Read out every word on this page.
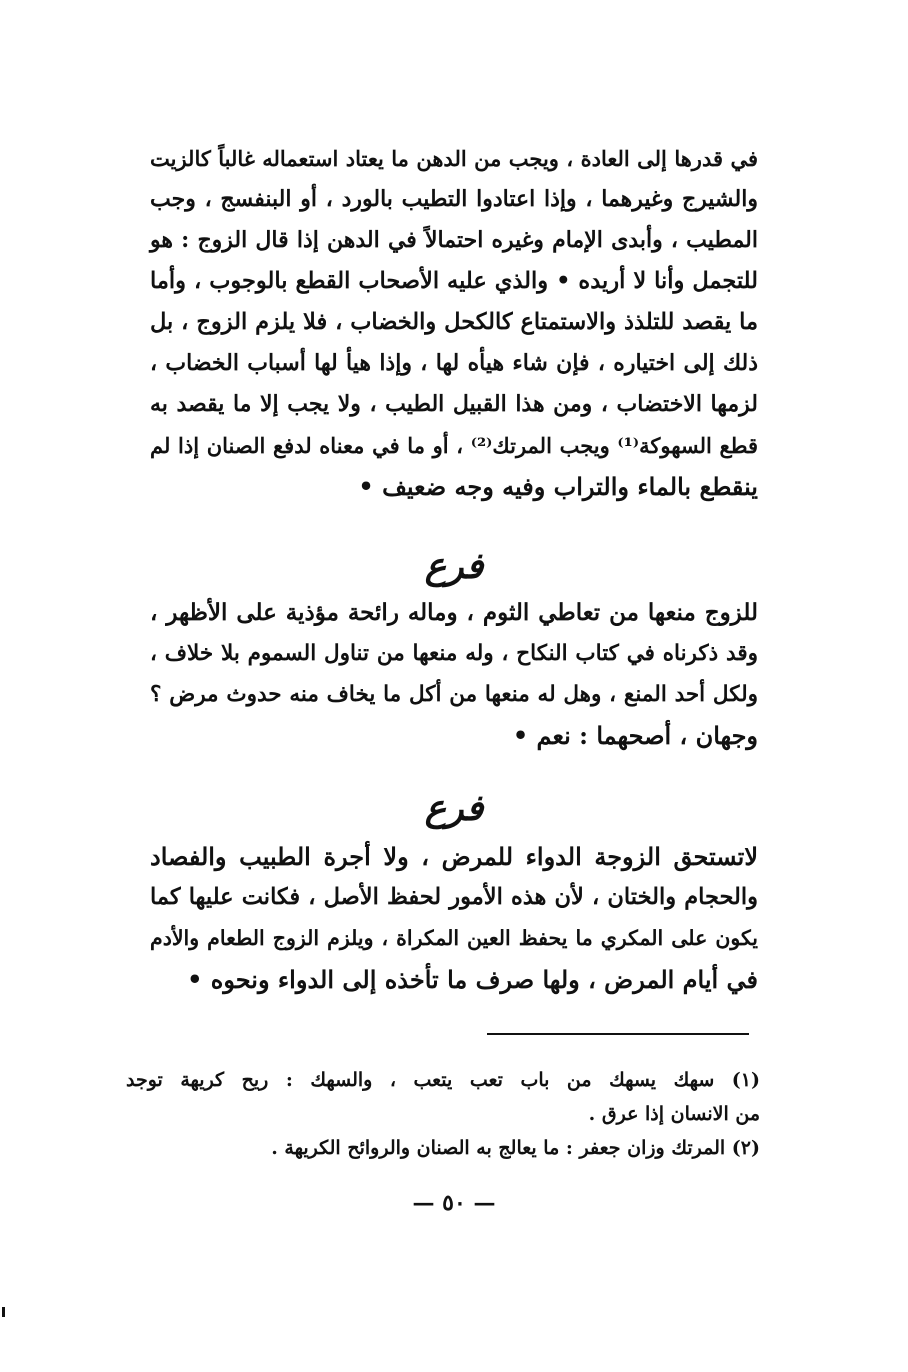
في قدرها إلى العادة ، ويجب من الدهن ما يعتاد استعماله غالباً كالزيت
والشيرج وغيرهما ، وإذا اعتادوا التطيب بالورد ، أو البنفسج ، وجب
المطيب ، وأبدى الإمام وغيره احتمالاً في الدهن إذا قال الزوج : هو
للتجمل وأنا لا أريده • والذي عليه الأصحاب القطع بالوجوب ، وأما
ما يقصد للتلذذ والاستمتاع كالكحل والخضاب ، فلا يلزم الزوج ، بل
ذلك إلى اختياره ، فإن شاء هيأه لها ، وإذا هيأ لها أسباب الخضاب ،
لزمها الاختضاب ، ومن هذا القبيل الطيب ، ولا يجب إلا ما يقصد به
قطع السهوكة⁽¹⁾ ويجب المرتك⁽²⁾ ، أو ما في معناه لدفع الصنان إذا لم
ينقطع بالماء والتراب وفيه وجه ضعيف •
فرع
للزوج منعها من تعاطي الثوم ، وماله رائحة مؤذية على الأظهر ،
وقد ذكرناه في كتاب النكاح ، وله منعها من تناول السموم بلا خلاف ،
ولكل أحد المنع ، وهل له منعها من أكل ما يخاف منه حدوث مرض ؟
وجهان ، أصحهما : نعم •
فرع
لاتستحق الزوجة الدواء للمرض ، ولا أجرة الطبيب والفصاد
والحجام والختان ، لأن هذه الأمور لحفظ الأصل ، فكانت عليها كما
يكون على المكري ما يحفظ العين المكراة ، ويلزم الزوج الطعام والأدم
في أيام المرض ، ولها صرف ما تأخذه إلى الدواء ونحوه •
(١) سهك يسهك من باب تعب يتعب ، والسهك : ريح كريهة توجد
من الانسان إذا عرق .
(٢) المرتك وزان جعفر : ما يعالج به الصنان والروائح الكريهة .
— ٥٠ —
